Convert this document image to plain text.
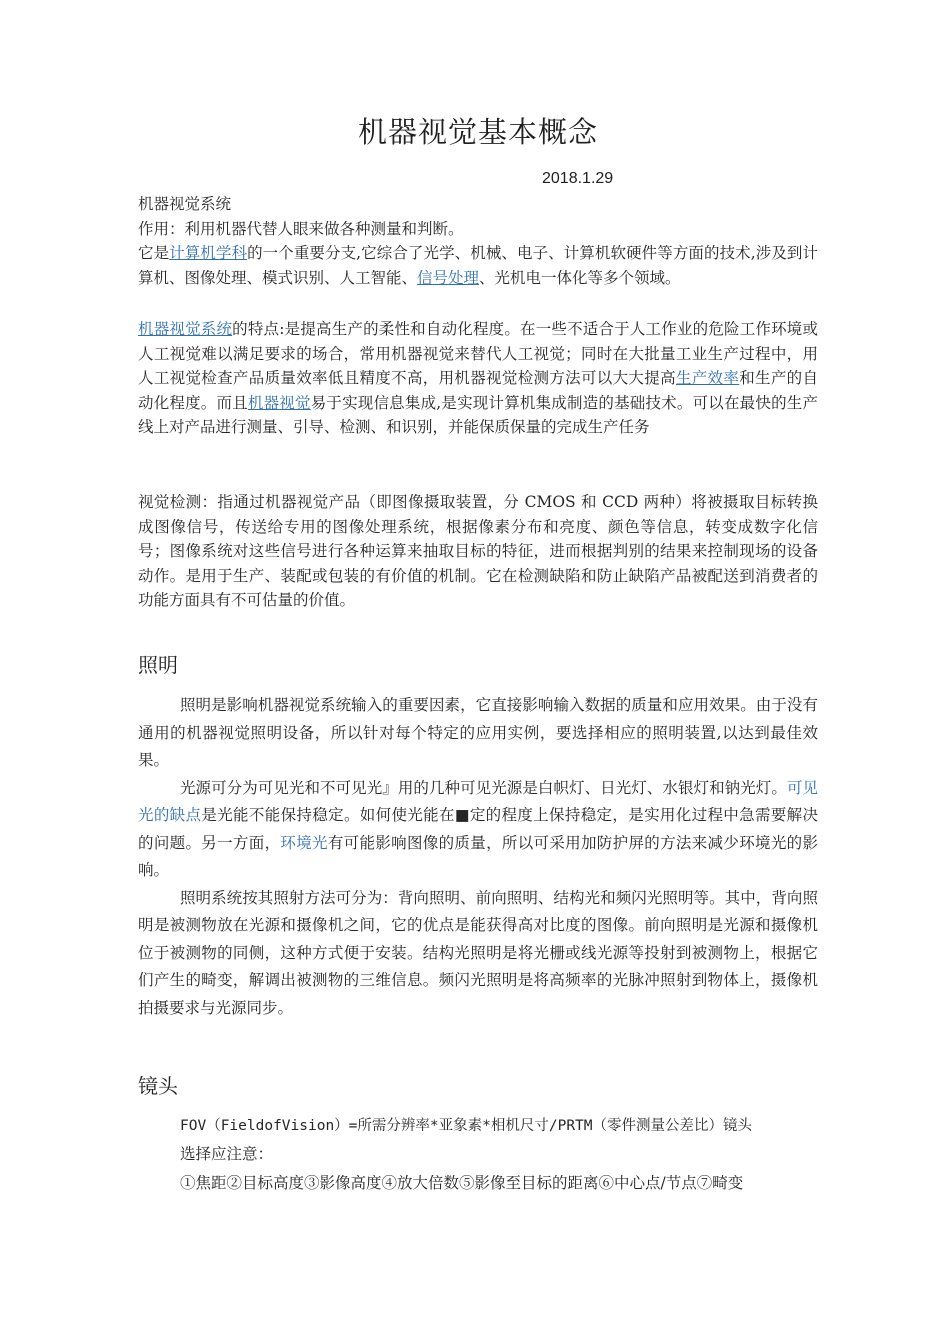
机器视觉基本概念
2018.1.29

机器视觉系统

作用：利用机器代替人眼来做各种测量和判断。

它是计算机学科的一个重要分支,它综合了光学、机械、电子、计算机软硬件等方面的技术,涉及到计算机、图像处理、模式识别、人工智能、信号处理、光机电一体化等多个领域。

机器视觉系统的特点:是提高生产的柔性和自动化程度。在一些不适合于人工作业的危险工作环境或人工视觉难以满足要求的场合，常用机器视觉来替代人工视觉；同时在大批量工业生产过程中，用人工视觉检查产品质量效率低且精度不高，用机器视觉检测方法可以大大提高生产效率和生产的自动化程度。而且机器视觉易于实现信息集成,是实现计算机集成制造的基础技术。可以在最快的生产线上对产品进行测量、引导、检测、和识别，并能保质保量的完成生产任务

视觉检测：指通过机器视觉产品（即图像摄取装置，分 CMOS 和 CCD 两种）将被摄取目标转换成图像信号，传送给专用的图像处理系统，根据像素分布和亮度、颜色等信息，转变成数字化信号；图像系统对这些信号进行各种运算来抽取目标的特征，进而根据判别的结果来控制现场的设备动作。是用于生产、装配或包装的有价值的机制。它在检测缺陷和防止缺陷产品被配送到消费者的功能方面具有不可估量的价值。

照明

照明是影响机器视觉系统输入的重要因素，它直接影响输入数据的质量和应用效果。由于没有通用的机器视觉照明设备，所以针对每个特定的应用实例，要选择相应的照明装置,以达到最佳效果。

光源可分为可见光和不可见光』用的几种可见光源是白帜灯、日光灯、水银灯和钠光灯。可见光的缺点是光能不能保持稳定。如何使光能在■定的程度上保持稳定，是实用化过程中急需要解决的问题。另一方面，环境光有可能影响图像的质量，所以可采用加防护屏的方法来减少环境光的影响。

照明系统按其照射方法可分为：背向照明、前向照明、结构光和频闪光照明等。其中，背向照明是被测物放在光源和摄像机之间，它的优点是能获得高对比度的图像。前向照明是光源和摄像机位于被测物的同侧，这种方式便于安装。结构光照明是将光栅或线光源等投射到被测物上，根据它们产生的畸变，解调出被测物的三维信息。频闪光照明是将高频率的光脉冲照射到物体上，摄像机拍摄要求与光源同步。

镜头

FOV（FieldofVision）=所需分辨率*亚象素*相机尺寸/PRTM（零件测量公差比）镜头

选择应注意：

①焦距②目标高度③影像高度④放大倍数⑤影像至目标的距离⑥中心点/节点⑦畸变
